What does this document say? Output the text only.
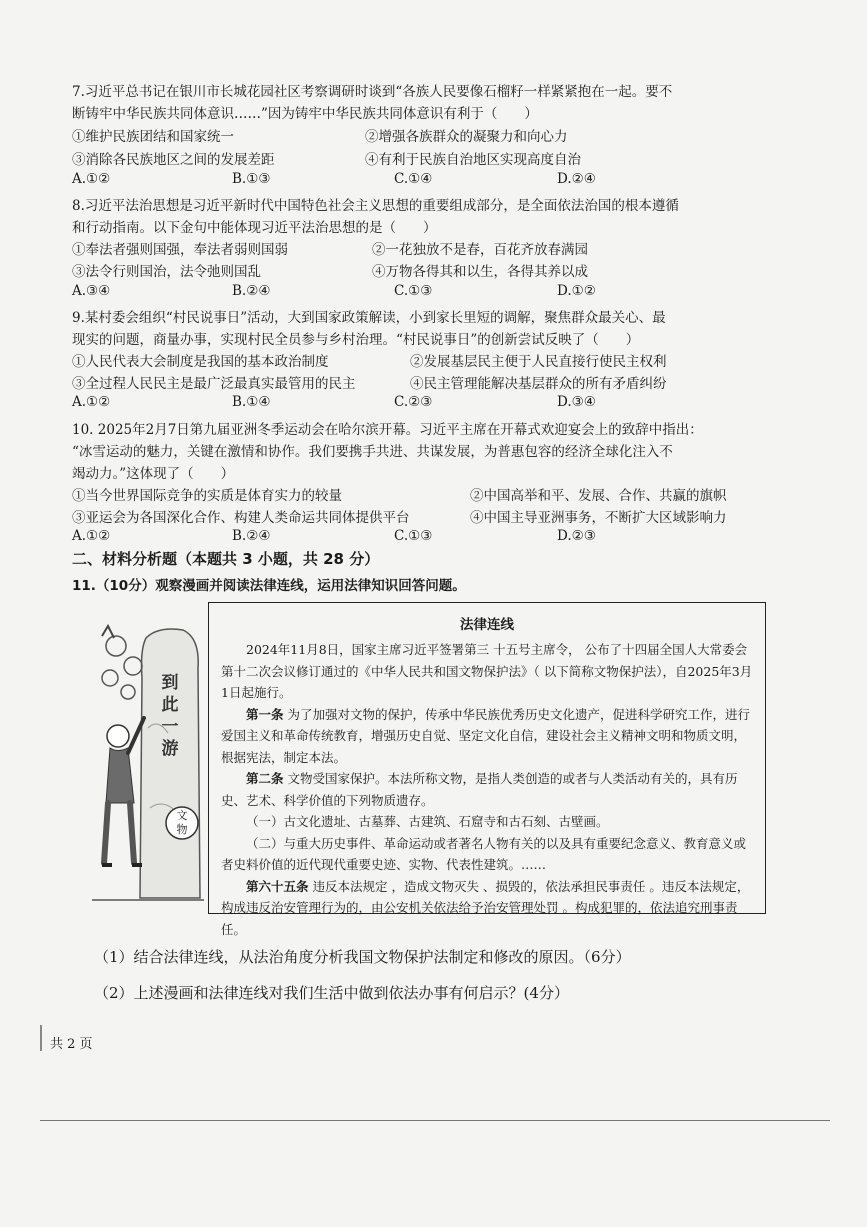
7.习近平总书记在银川市长城花园社区考察调研时谈到“各族人民要像石榴籽一样紧紧抱在一起。要不
断铸牢中华民族共同体意识……”因为铸牢中华民族共同体意识有利于（　　）
①维护民族团结和国家统一	②增强各族群众的凝聚力和向心力
③消除各民族地区之间的发展差距	④有利于民族自治地区实现高度自治
A.①②	B.①③	C.①④	D.②④
8.习近平法治思想是习近平新时代中国特色社会主义思想的重要组成部分，是全面依法治国的根本遵循
和行动指南。以下金句中能体现习近平法治思想的是（　　）
①奉法者强则国强，奉法者弱则国弱	②一花独放不是春，百花齐放春满园
③法令行则国治，法令弛则国乱	④万物各得其和以生，各得其养以成
A.③④	B.②④	C.①③	D.①②
9.某村委会组织“村民说事日”活动，大到国家政策解读，小到家长里短的调解，聚焦群众最关心、最
现实的问题，商量办事，实现村民全员参与乡村治理。“村民说事日”的创新尝试反映了（　　）
①人民代表大会制度是我国的基本政治制度	②发展基层民主便于人民直接行使民主权利
③全过程人民民主是最广泛最真实最管用的民主	④民主管理能解决基层群众的所有矛盾纠纷
A.①②	B.①④	C.②③	D.③④
10. 2025年2月7日第九届亚洲冬季运动会在哈尔滨开幕。习近平主席在开幕式欢迎宴会上的致辞中指出：
“冰雪运动的魅力，关键在激情和协作。我们要携手共进、共谋发展，为普惠包容的经济全球化注入不
竭动力。”这体现了（　　）
①当今世界国际竞争的实质是体育实力的较量	②中国高举和平、发展、合作、共赢的旗帜
③亚运会为各国深化合作、构建人类命运共同体提供平台	④中国主导亚洲事务，不断扩大区域影响力
A.①②	B.②④	C.①③	D.②③
二、材料分析题（本题共 3 小题，共 28 分）
11.（10分）观察漫画并阅读法律连线，运用法律知识回答问题。
文
物
到
此
一
游
法律连线

2024年11月8日，国家主席习近平签署第三 十五号主席令， 公布了十四届全国人大常委会第十二次会议修订通过的《中华人民共和国文物保护法》（ 以下简称文物保护法），自2025年3月1日起施行。

第一条 为了加强对文物的保护，传承中华民族优秀历史文化遗产，促进科学研究工作，进行爱国主义和革命传统教育，增强历史自觉、坚定文化自信，建设社会主义精神文明和物质文明，根据宪法，制定本法。

第二条 文物受国家保护。本法所称文物，是指人类创造的或者与人类活动有关的，具有历史、艺术、科学价值的下列物质遗存。

（一）古文化遗址、古墓葬、古建筑、石窟寺和古石刻、古壁画。

（二）与重大历史事件、革命运动或者著名人物有关的以及具有重要纪念意义、教育意义或者史料价值的近代现代重要史迹、实物、代表性建筑。……

第六十五条 违反本法规定 ，造成文物灭失 、损毁的，依法承担民事责任 。违反本法规定，构成违反治安管理行为的，由公安机关依法给予治安管理处罚 。构成犯罪的，依法追究刑事责任。

（1）结合法律连线，从法治角度分析我国文物保护法制定和修改的原因。（6分）
（2）上述漫画和法律连线对我们生活中做到依法办事有何启示？(4分）
共 2 页
